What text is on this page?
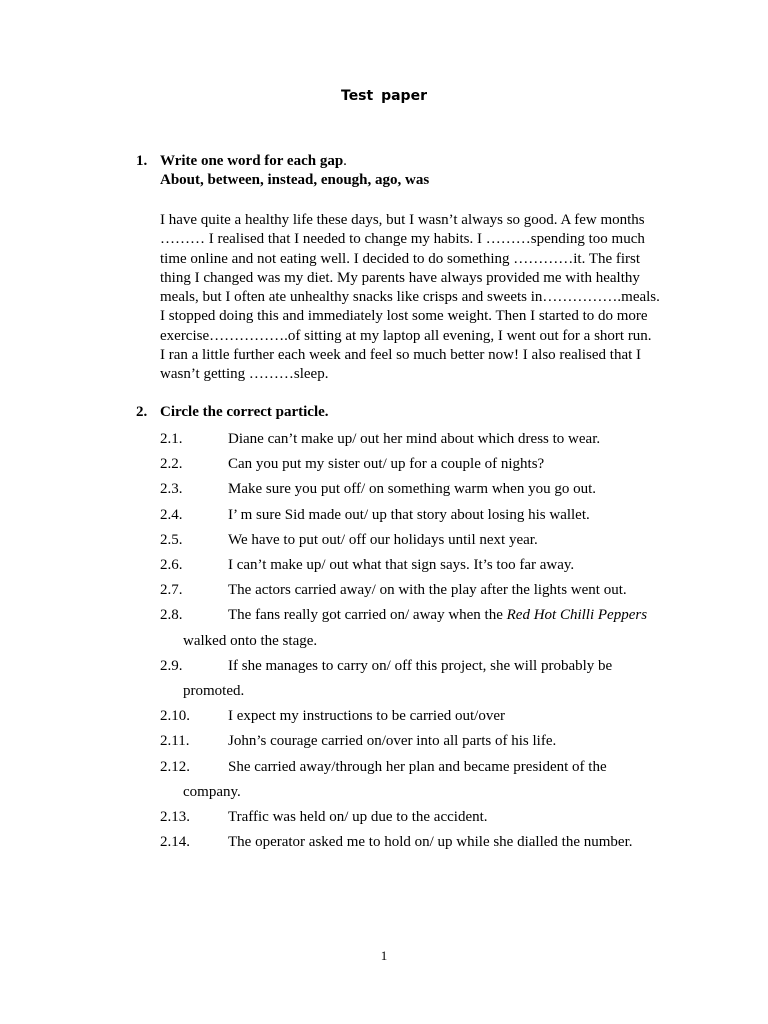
Test paper
1. Write one word for each gap.
About, between, instead, enough, ago, was
I have quite a healthy life these days, but I wasn’t always so good. A few months
……… I realised that I needed to change my habits. I ………spending too much
time online and not eating well. I decided to do something …………it. The first
thing I changed was my diet. My parents have always provided me with healthy
meals, but I often ate unhealthy snacks like crisps and sweets in…………….meals.
I stopped doing this and immediately lost some weight. Then I started to do more
exercise…………….of sitting at my laptop all evening, I went out for a short run.
I ran a little further each week and feel so much better now! I also realised that I
wasn’t getting ………sleep.
2. Circle the correct particle.
2.1.	Diane can’t make up/ out her mind about which dress to wear.
2.2.	Can you put my sister out/ up for a couple of nights?
2.3.	Make sure you put off/ on something warm when you go out.
2.4.	I’ m sure Sid made out/ up that story about losing his wallet.
2.5.	We have to put out/ off our holidays until next year.
2.6.	I can’t make up/ out what that sign says. It’s too far away.
2.7.	The actors carried away/ on with the play after the lights went out.
2.8.	The fans really got carried on/ away when the Red Hot Chilli Peppers
walked onto the stage.
2.9.	If she manages to carry on/ off this project, she will probably be
promoted.
2.10.	I expect my instructions to be carried out/over
2.11.	John’s courage carried on/over into all parts of his life.
2.12.	She carried away/through her plan and became president of the
company.
2.13.	Traffic was held on/ up due to the accident.
2.14.	The operator asked me to hold on/ up while she dialled the number.
1
